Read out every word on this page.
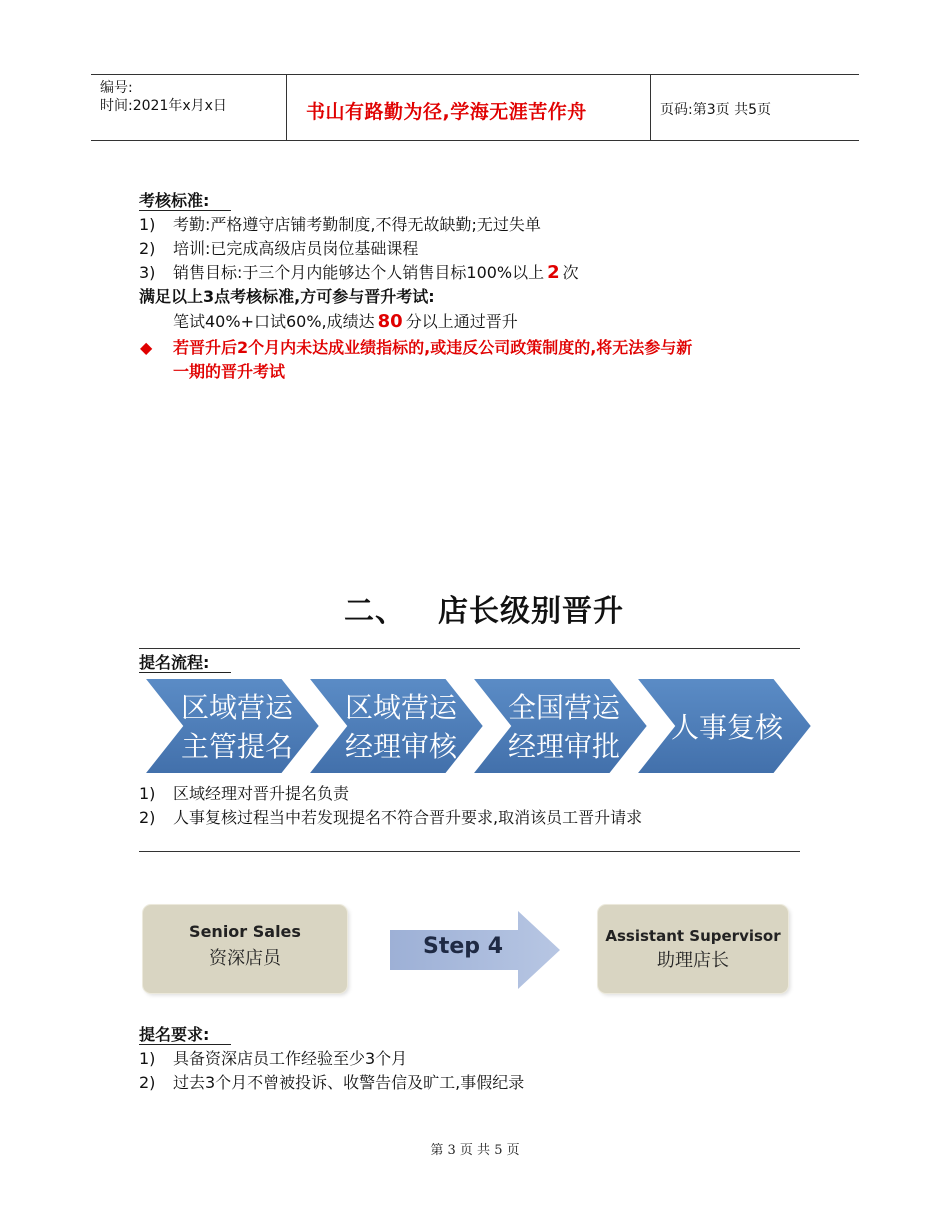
编号:
时间:2021年x月x日	书山有路勤为径,学海无涯苦作舟	页码:第3页 共5页
考核标准:
1) 考勤:严格遵守店铺考勤制度,不得无故缺勤;无过失单
2) 培训:已完成高级店员岗位基础课程
3) 销售目标:于三个月内能够达个人销售目标100%以上 2 次
满足以上3点考核标准,方可参与晋升考试:
笔试40%+口试60%,成绩达 80 分以上通过晋升
◆ 若晋升后2个月内未达成业绩指标的,或违反公司政策制度的,将无法参与新
一期的晋升考试
二、 店长级别晋升
提名流程:
区域营运
主管提名
区域营运
经理审核
全国营运
经理审批
人事复核
1) 区域经理对晋升提名负责
2) 人事复核过程当中若发现提名不符合晋升要求,取消该员工晋升请求
Senior Sales
资深店员	Step 4	Assistant Supervisor
助理店长
提名要求:
1) 具备资深店员工作经验至少3个月
2) 过去3个月不曾被投诉、收警告信及旷工,事假纪录
第 3 页 共 5 页
